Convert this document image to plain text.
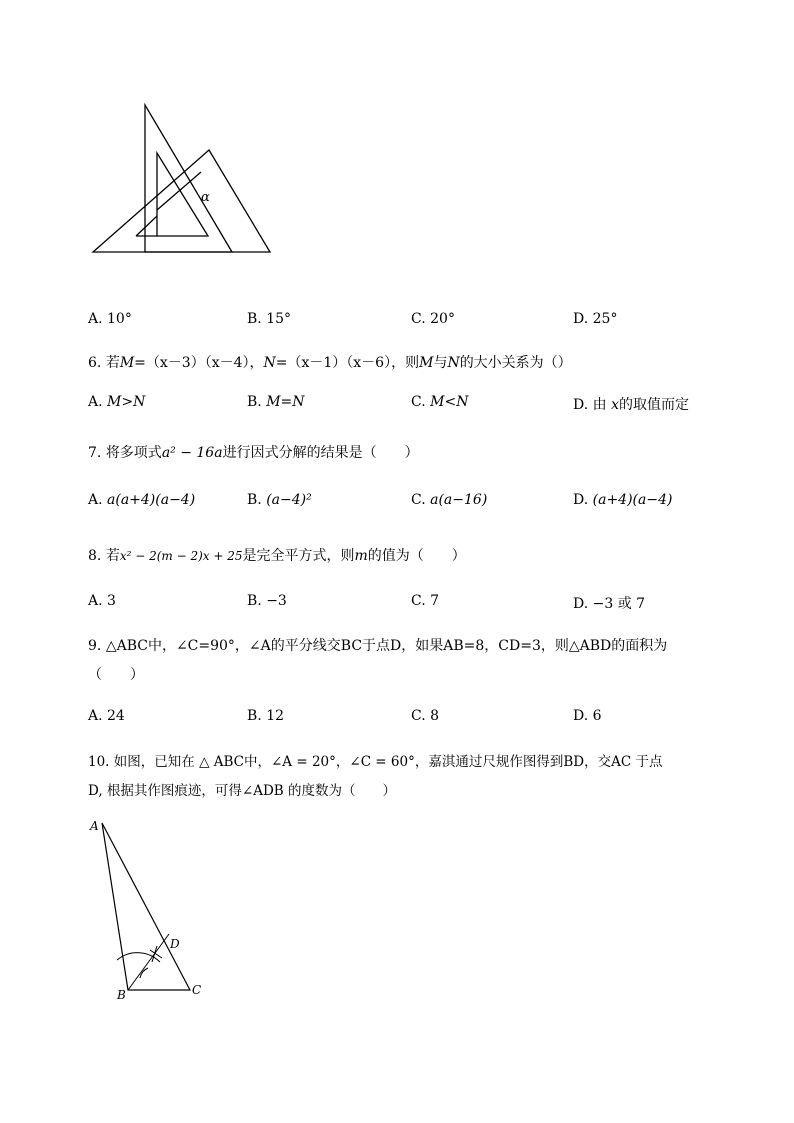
α
A. 10°	B. 15°	C. 20°	D. 25°
6. 若M=（x－3）（x－4），N=（x－1）（x－6），则M与N的大小关系为（）
A. M>N	B. M=N	C. M<N	D. 由 x的取值而定
7. 将多项式a² − 16a进行因式分解的结果是（　　）
A. a(a+4)(a−4)	B. (a−4)²	C. a(a−16)	D. (a+4)(a−4)
8. 若x² − 2(m − 2)x + 25是完全平方式，则m的值为（　　）
A. 3	B. −3	C. 7	D. −3 或 7
9. △ABC中，∠C=90°，∠A的平分线交BC于点D，如果AB=8，CD=3，则△ABD的面积为
（　　）
A. 24	B. 12	C. 8	D. 6
10. 如图，已知在 △ ABC中，∠A = 20°，∠C = 60°，嘉淇通过尺规作图得到BD，交AC 于点
D, 根据其作图痕迹，可得∠ADB 的度数为（　　）
A
B	C
D
